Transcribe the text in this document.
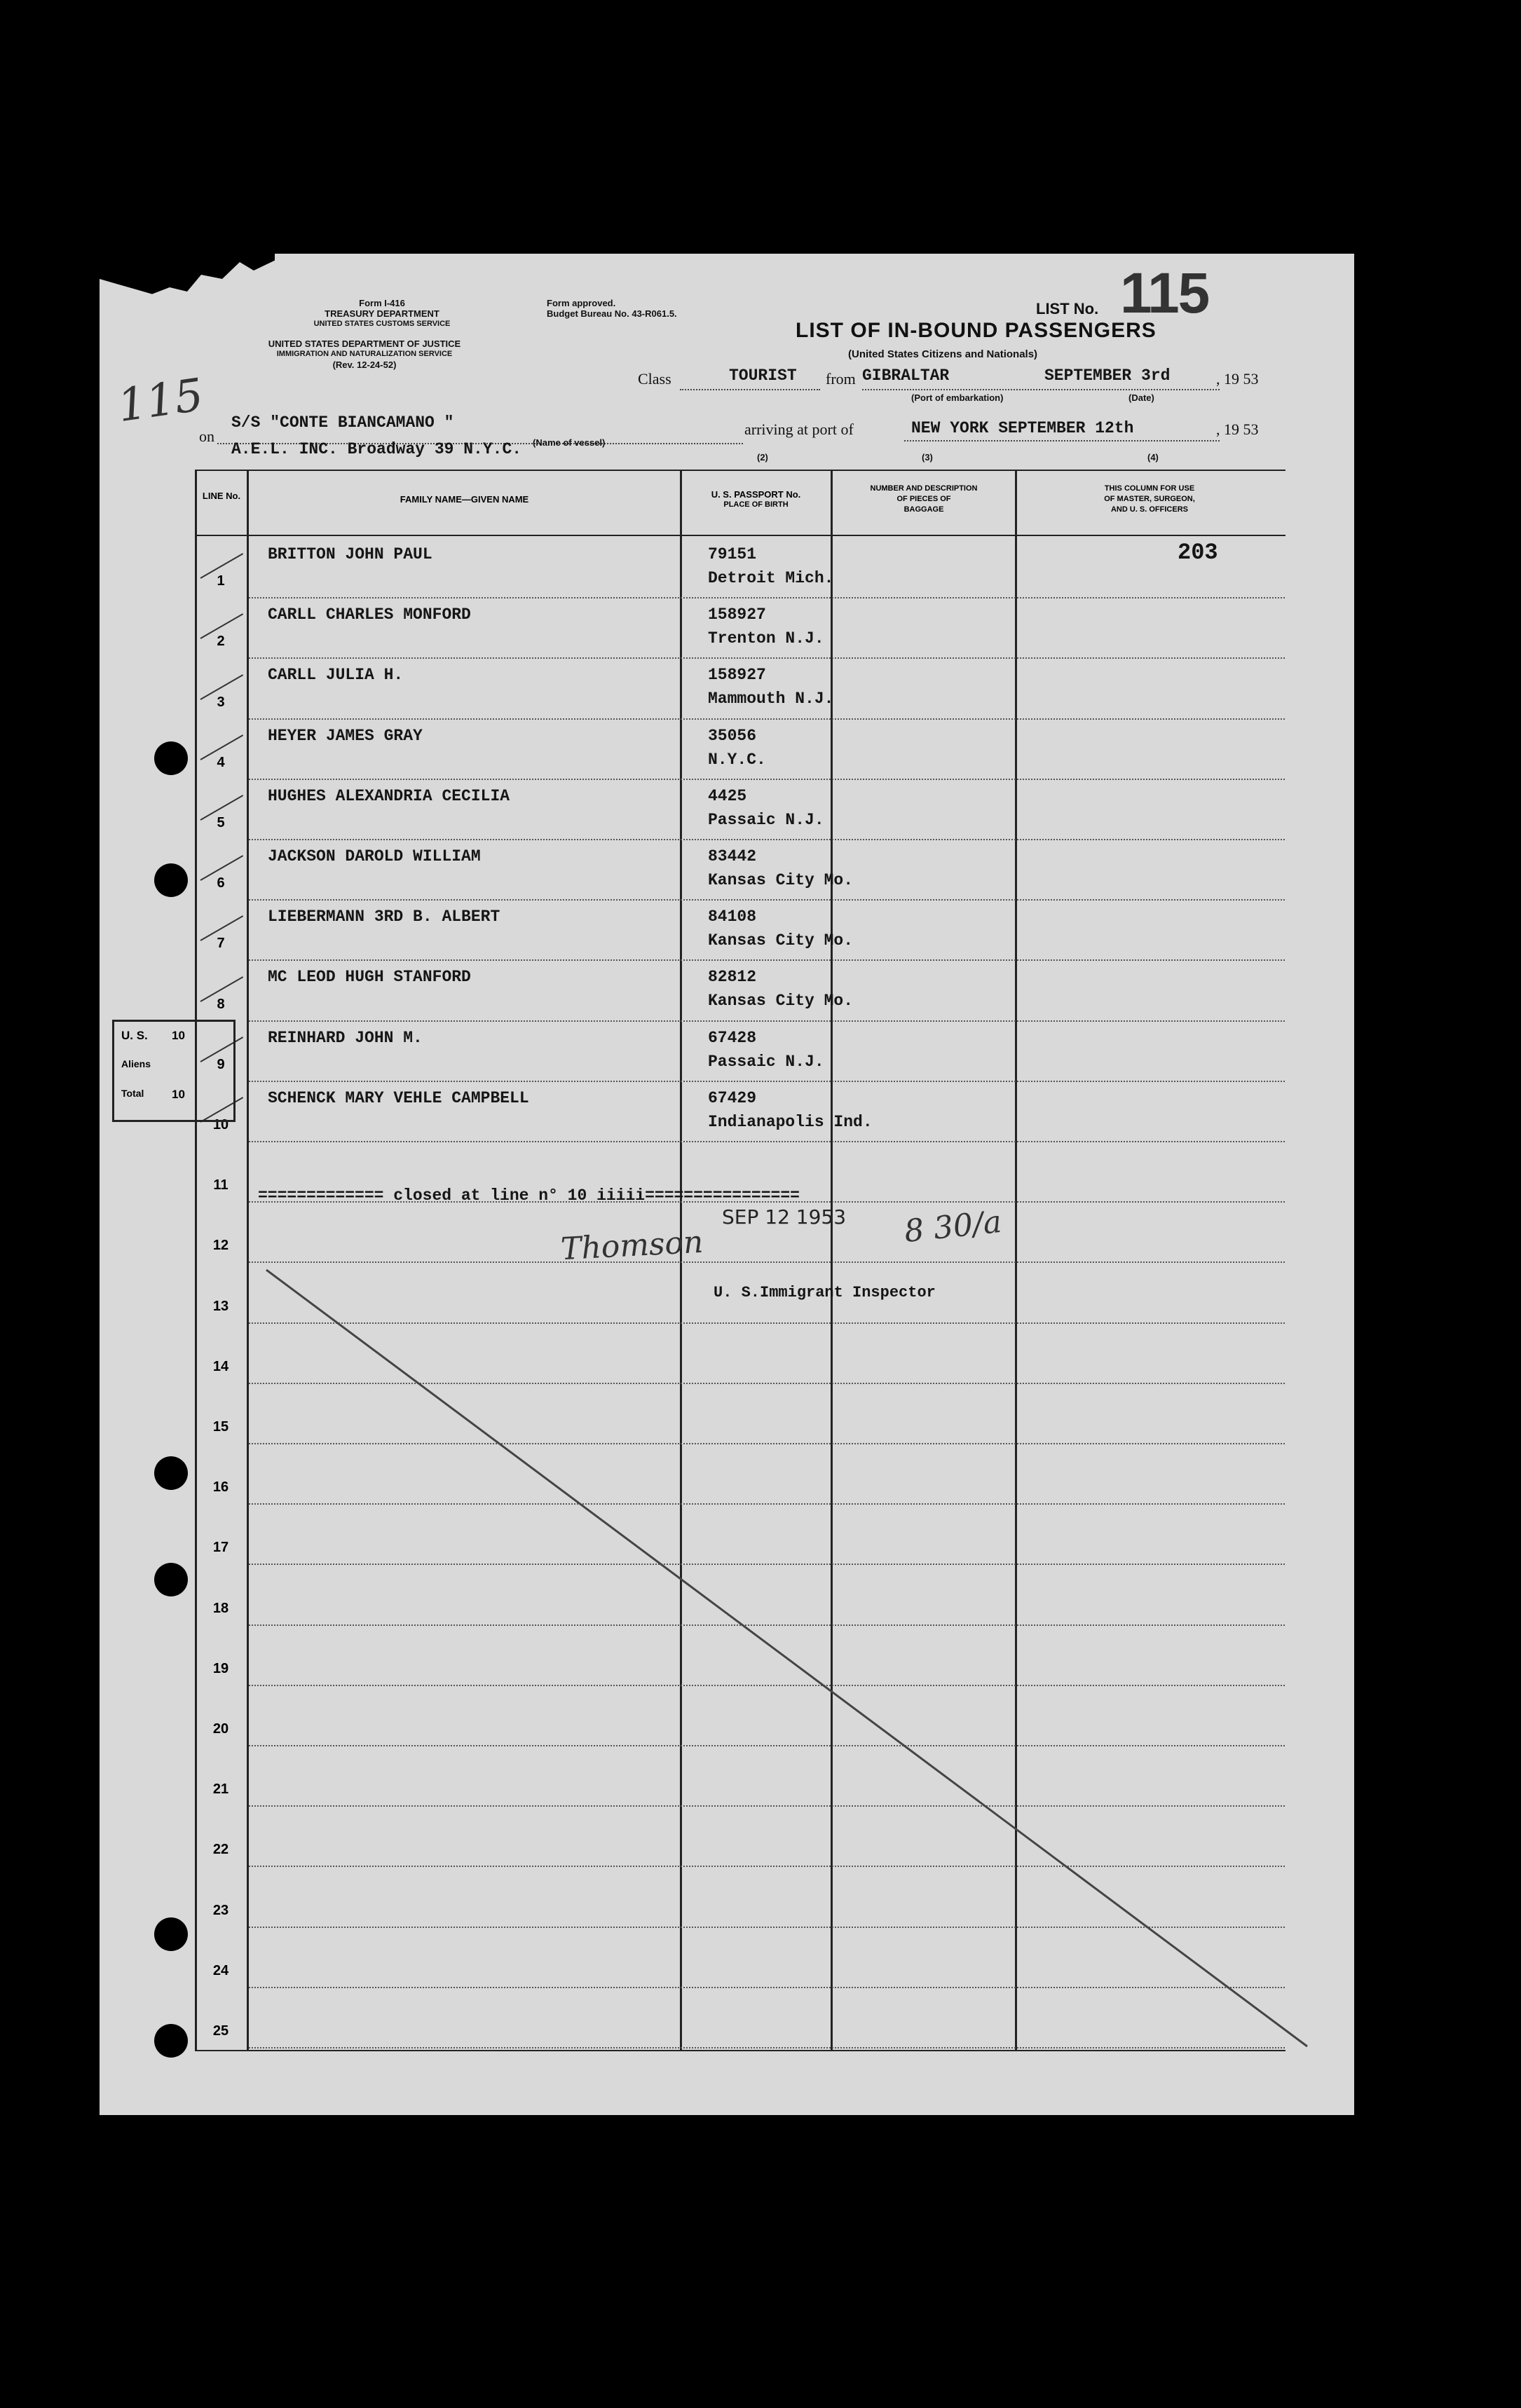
115
Form I-416
TREASURY DEPARTMENT
UNITED STATES CUSTOMS SERVICE
UNITED STATES DEPARTMENT OF JUSTICE
IMMIGRATION AND NATURALIZATION SERVICE
(Rev. 12-24-52)
Form approved.
Budget Bureau No. 43-R061.5.	LIST No. 115
LIST OF IN-BOUND PASSENGERS
(United States Citizens and Nationals)
Class	TOURIST from GIBRALTAR	SEPTEMBER 3rd	, 19 53
(Port of embarkation)	(Date)
on
S/S "CONTE BIANCAMANO "	arriving at port of	NEW YORK SEPTEMBER 12th	, 19 53
A.E.L. INC. Broadway 39 N.Y.C. (Name of vessel)
(2)	(3)	(4)
LINE No.	FAMILY NAME—GIVEN NAME	U. S. PASSPORT No.
PLACE OF BIRTH
NUMBER AND DESCRIPTION
OF PIECES OF
BAGGAGE
THIS COLUMN FOR USE
OF MASTER, SURGEON,
AND U. S. OFFICERS
203
1
BRITTON JOHN PAUL	79151
Detroit Mich.
2
CARLL CHARLES MONFORD	158927
Trenton N.J.
3
CARLL JULIA H.	158927
Mammouth N.J.
4
HEYER JAMES GRAY	35056
N.Y.C.
5
HUGHES ALEXANDRIA CECILIA	4425
Passaic N.J.
6
JACKSON DAROLD WILLIAM	83442
Kansas City Mo.
7
LIEBERMANN 3RD B. ALBERT	84108
Kansas City Mo.
8
MC LEOD HUGH STANFORD	82812
Kansas City Mo.
9
REINHARD JOHN M.	67428
Passaic N.J.
10
SCHENCK MARY VEHLE CAMPBELL	67429
Indianapolis Ind.
11
12
13
14
15
16
17
18
19
20
21
22
23
24
25
U. S. 10
Aliens
Total 10
============= closed at line n° 10 iiiii================
SEP 12 1953 8 30/a
Thomson
U. S.Immigrant Inspector
